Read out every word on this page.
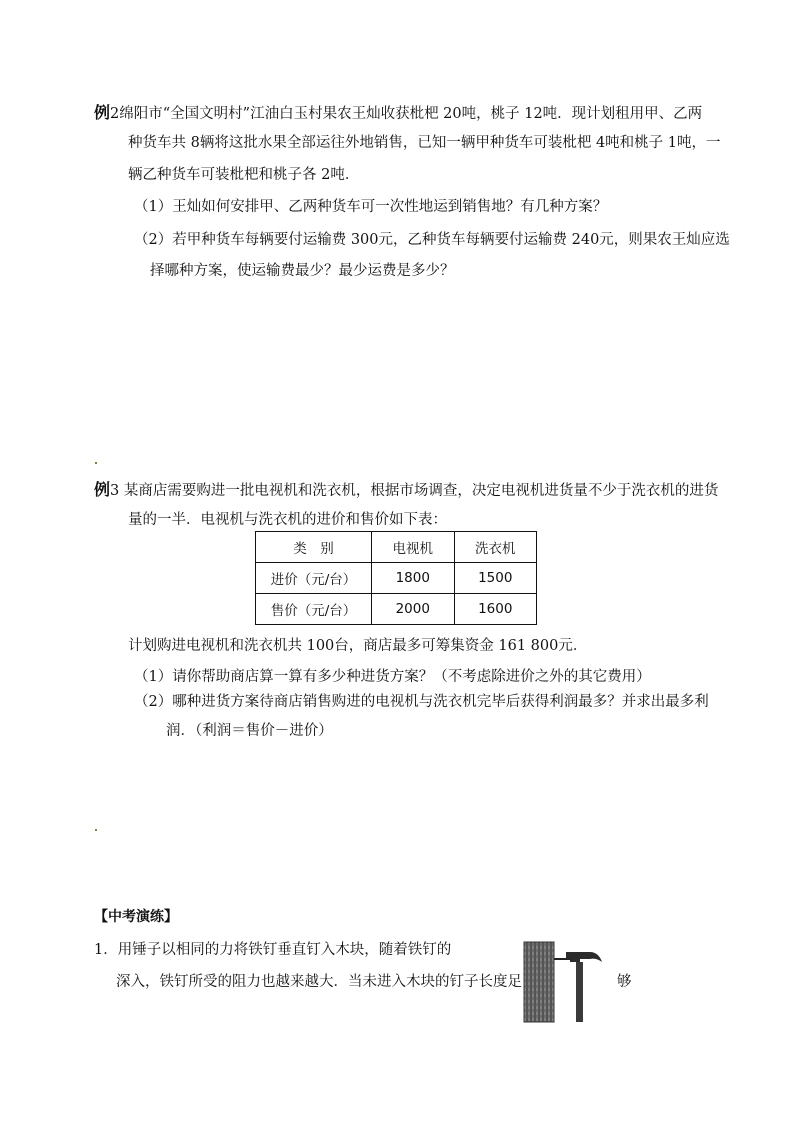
例2绵阳市“全国文明村”江油白玉村果农王灿收获枇杷 20吨，桃子 12吨．现计划租用甲、乙两
种货车共 8辆将这批水果全部运往外地销售，已知一辆甲种货车可装枇杷 4吨和桃子 1吨，一
辆乙种货车可装枇杷和桃子各 2吨．
（1）王灿如何安排甲、乙两种货车可一次性地运到销售地？有几种方案？
（2）若甲种货车每辆要付运输费 300元，乙种货车每辆要付运输费 240元，则果农王灿应选
择哪种方案，使运输费最少？最少运费是多少？
例3 某商店需要购进一批电视机和洗衣机，根据市场调查，决定电视机进货量不少于洗衣机的进货
量的一半．电视机与洗衣机的进价和售价如下表：
类　别	电视机	洗衣机
进价（元/台）	1800	1500
售价（元/台）	2000	1600
计划购进电视机和洗衣机共 100台，商店最多可筹集资金 161 800元．
（1）请你帮助商店算一算有多少种进货方案？（不考虑除进价之外的其它费用）
（2）哪种进货方案待商店销售购进的电视机与洗衣机完毕后获得利润最多？并求出最多利
润．（利润＝售价－进价）
【中考演练】
1．用锤子以相同的力将铁钉垂直钉入木块，随着铁钉的
深入，铁钉所受的阻力也越来越大．当未进入木块的钉子长度足	够
